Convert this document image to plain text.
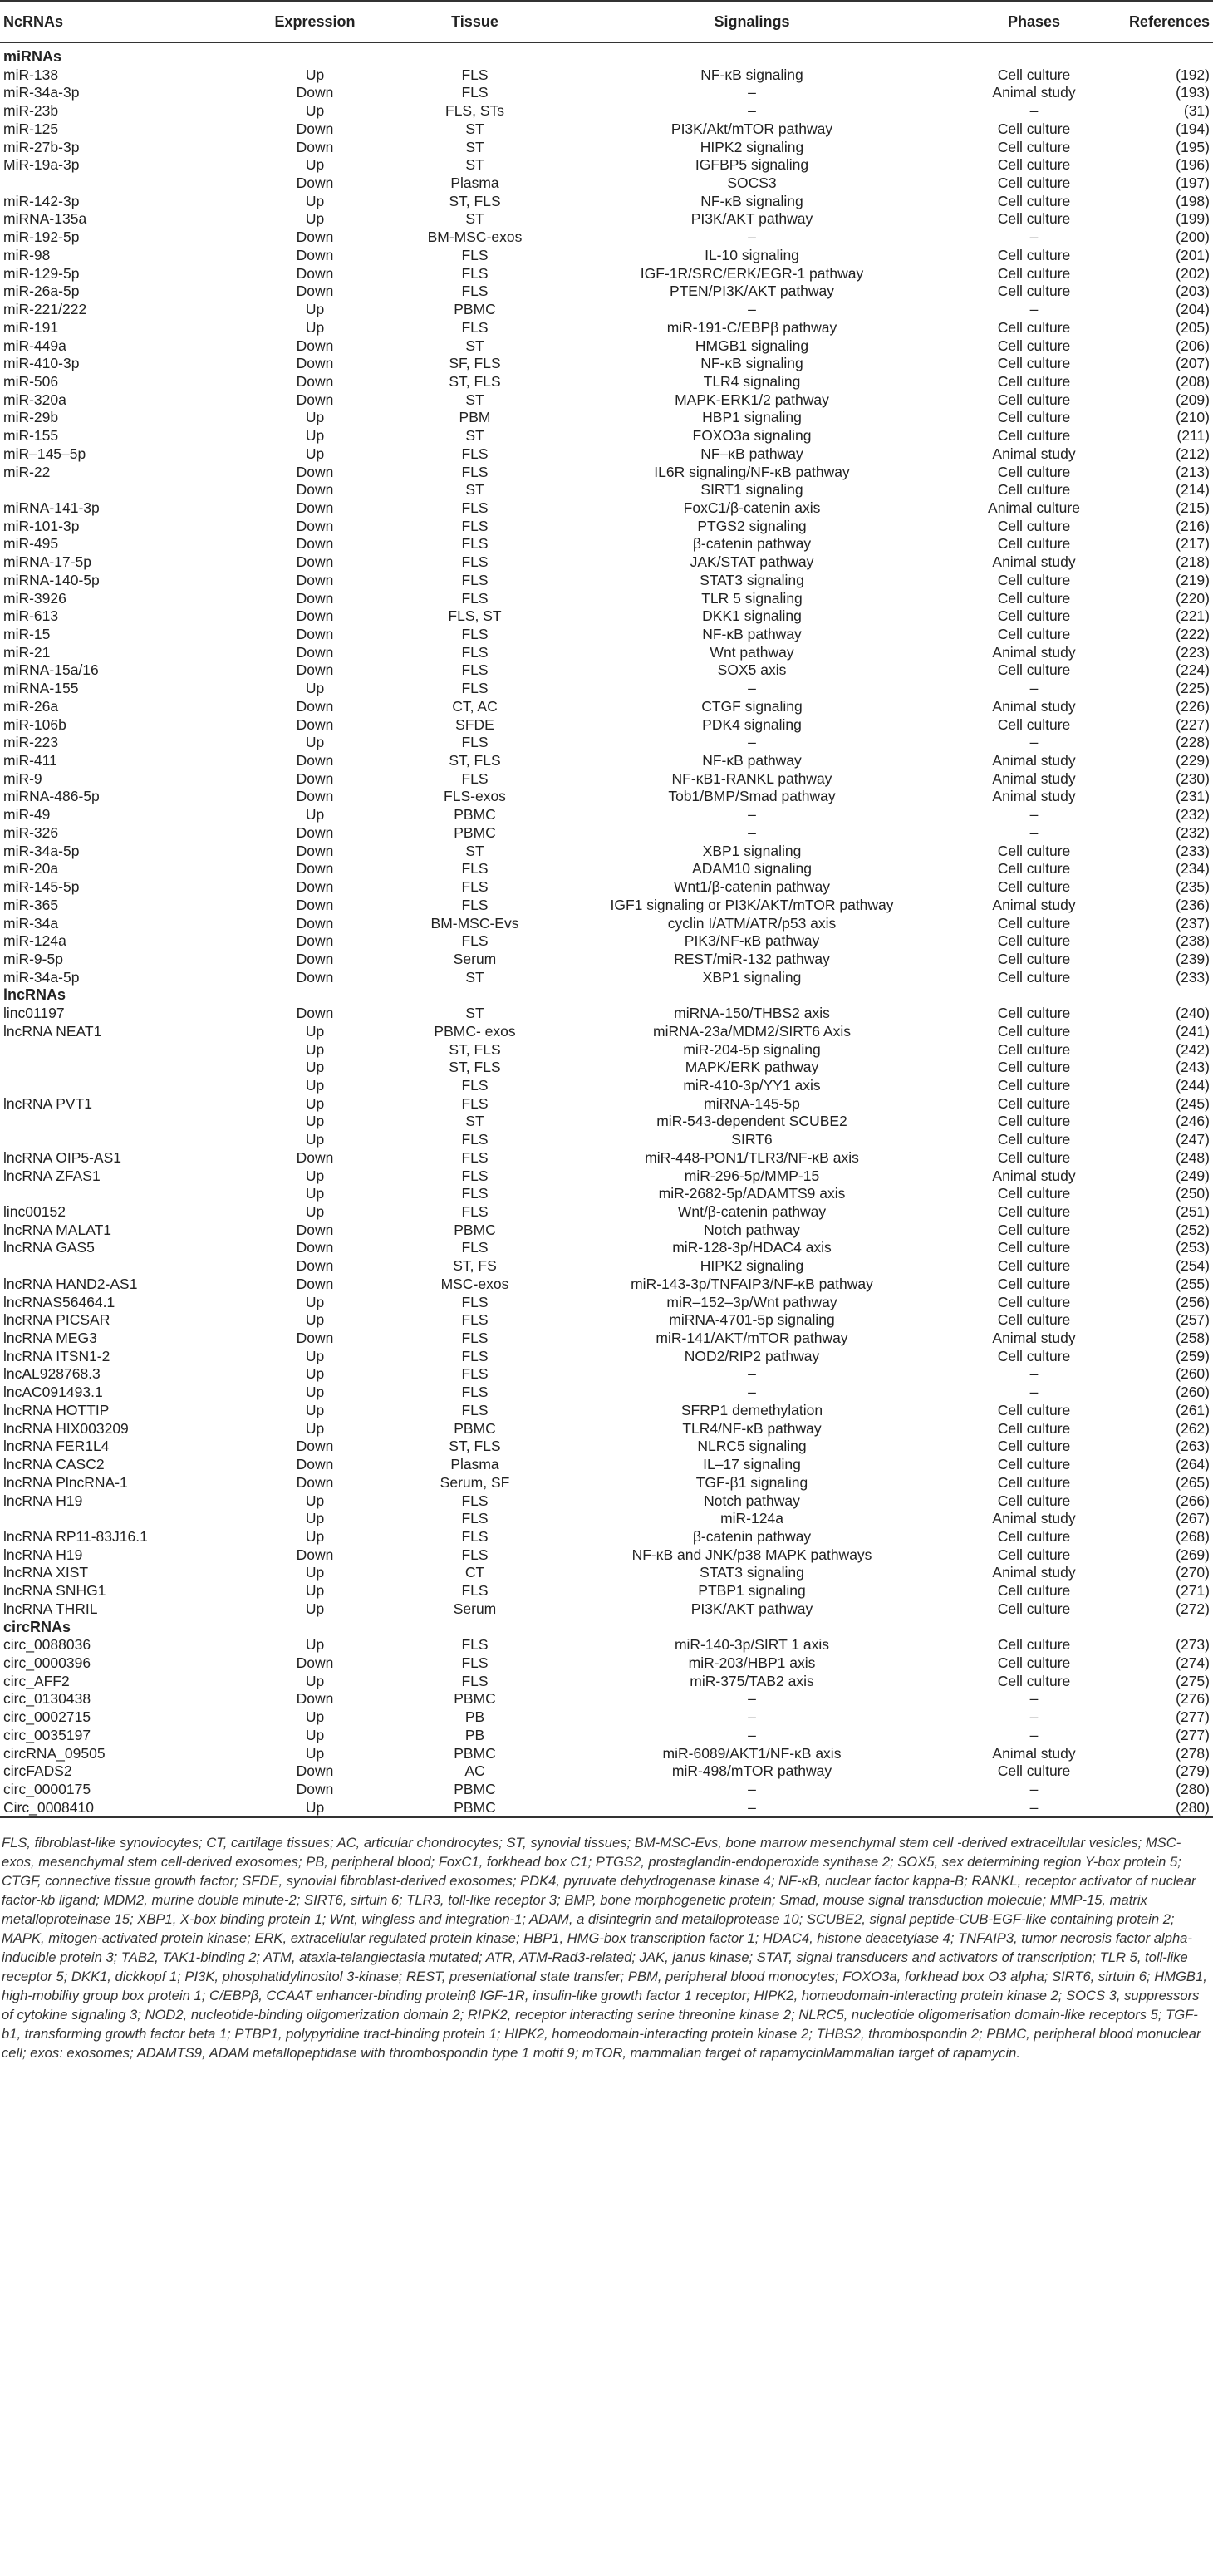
NcRNAs	Expression	Tissue	Signalings	Phases	References
miRNAs					
miR-138	Up	FLS	NF-κB signaling	Cell culture	(192)
miR-34a-3p	Down	FLS	–	Animal study	(193)
miR-23b	Up	FLS, STs	–	–	(31)
miR-125	Down	ST	PI3K/Akt/mTOR pathway	Cell culture	(194)
miR-27b-3p	Down	ST	HIPK2 signaling	Cell culture	(195)
MiR-19a-3p	Up	ST	IGFBP5 signaling	Cell culture	(196)
	Down	Plasma	SOCS3	Cell culture	(197)
miR-142-3p	Up	ST, FLS	NF-κB signaling	Cell culture	(198)
miRNA-135a	Up	ST	PI3K/AKT pathway	Cell culture	(199)
miR-192-5p	Down	BM-MSC-exos	–	–	(200)
miR-98	Down	FLS	IL-10 signaling	Cell culture	(201)
miR-129-5p	Down	FLS	IGF-1R/SRC/ERK/EGR-1 pathway	Cell culture	(202)
miR-26a-5p	Down	FLS	PTEN/PI3K/AKT pathway	Cell culture	(203)
miR-221/222	Up	PBMC	–	–	(204)
miR-191	Up	FLS	miR-191-C/EBPβ pathway	Cell culture	(205)
miR-449a	Down	ST	HMGB1 signaling	Cell culture	(206)
miR-410-3p	Down	SF, FLS	NF-κB signaling	Cell culture	(207)
miR-506	Down	ST, FLS	TLR4 signaling	Cell culture	(208)
miR-320a	Down	ST	MAPK-ERK1/2 pathway	Cell culture	(209)
miR-29b	Up	PBM	HBP1 signaling	Cell culture	(210)
miR-155	Up	ST	FOXO3a signaling	Cell culture	(211)
miR–145–5p	Up	FLS	NF–κB pathway	Animal study	(212)
miR-22	Down	FLS	IL6R signaling/NF-κB pathway	Cell culture	(213)
	Down	ST	SIRT1 signaling	Cell culture	(214)
miRNA-141-3p	Down	FLS	FoxC1/β-catenin axis	Animal culture	(215)
miR-101-3p	Down	FLS	PTGS2 signaling	Cell culture	(216)
miR-495	Down	FLS	β-catenin pathway	Cell culture	(217)
miRNA-17-5p	Down	FLS	JAK/STAT pathway	Animal study	(218)
miRNA-140-5p	Down	FLS	STAT3 signaling	Cell culture	(219)
miR-3926	Down	FLS	TLR 5 signaling	Cell culture	(220)
miR-613	Down	FLS, ST	DKK1 signaling	Cell culture	(221)
miR-15	Down	FLS	NF-κB pathway	Cell culture	(222)
miR-21	Down	FLS	Wnt pathway	Animal study	(223)
miRNA-15a/16	Down	FLS	SOX5 axis	Cell culture	(224)
miRNA-155	Up	FLS	–	–	(225)
miR-26a	Down	CT, AC	CTGF signaling	Animal study	(226)
miR-106b	Down	SFDE	PDK4 signaling	Cell culture	(227)
miR-223	Up	FLS	–	–	(228)
miR-411	Down	ST, FLS	NF-κB pathway	Animal study	(229)
miR-9	Down	FLS	NF-κB1-RANKL pathway	Animal study	(230)
miRNA-486-5p	Down	FLS-exos	Tob1/BMP/Smad pathway	Animal study	(231)
miR-49	Up	PBMC	–	–	(232)
miR-326	Down	PBMC	–	–	(232)
miR-34a-5p	Down	ST	XBP1 signaling	Cell culture	(233)
miR-20a	Down	FLS	ADAM10 signaling	Cell culture	(234)
miR-145-5p	Down	FLS	Wnt1/β-catenin pathway	Cell culture	(235)
miR-365	Down	FLS	IGF1 signaling or PI3K/AKT/mTOR pathway	Animal study	(236)
miR-34a	Down	BM-MSC-Evs	cyclin I/ATM/ATR/p53 axis	Cell culture	(237)
miR-124a	Down	FLS	PIK3/NF-κB pathway	Cell culture	(238)
miR-9-5p	Down	Serum	REST/miR-132 pathway	Cell culture	(239)
miR-34a-5p	Down	ST	XBP1 signaling	Cell culture	(233)
lncRNAs					
linc01197	Down	ST	miRNA-150/THBS2 axis	Cell culture	(240)
lncRNA NEAT1	Up	PBMC- exos	miRNA-23a/MDM2/SIRT6 Axis	Cell culture	(241)
	Up	ST, FLS	miR-204-5p signaling	Cell culture	(242)
	Up	ST, FLS	MAPK/ERK pathway	Cell culture	(243)
	Up	FLS	miR-410-3p/YY1 axis	Cell culture	(244)
lncRNA PVT1	Up	FLS	miRNA-145-5p	Cell culture	(245)
	Up	ST	miR-543-dependent SCUBE2	Cell culture	(246)
	Up	FLS	SIRT6	Cell culture	(247)
lncRNA OIP5-AS1	Down	FLS	miR-448-PON1/TLR3/NF-κB axis	Cell culture	(248)
lncRNA ZFAS1	Up	FLS	miR-296-5p/MMP-15	Animal study	(249)
	Up	FLS	miR-2682-5p/ADAMTS9 axis	Cell culture	(250)
linc00152	Up	FLS	Wnt/β-catenin pathway	Cell culture	(251)
lncRNA MALAT1	Down	PBMC	Notch pathway	Cell culture	(252)
lncRNA GAS5	Down	FLS	miR-128-3p/HDAC4 axis	Cell culture	(253)
	Down	ST, FS	HIPK2 signaling	Cell culture	(254)
lncRNA HAND2-AS1	Down	MSC-exos	miR-143-3p/TNFAIP3/NF-κB pathway	Cell culture	(255)
lncRNAS56464.1	Up	FLS	miR–152–3p/Wnt pathway	Cell culture	(256)
lncRNA PICSAR	Up	FLS	miRNA-4701-5p signaling	Cell culture	(257)
lncRNA MEG3	Down	FLS	miR-141/AKT/mTOR pathway	Animal study	(258)
lncRNA ITSN1-2	Up	FLS	NOD2/RIP2 pathway	Cell culture	(259)
lncAL928768.3	Up	FLS	–	–	(260)
lncAC091493.1	Up	FLS	–	–	(260)
lncRNA HOTTIP	Up	FLS	SFRP1 demethylation	Cell culture	(261)
lncRNA HIX003209	Up	PBMC	TLR4/NF-κB pathway	Cell culture	(262)
lncRNA FER1L4	Down	ST, FLS	NLRC5 signaling	Cell culture	(263)
lncRNA CASC2	Down	Plasma	IL–17 signaling	Cell culture	(264)
lncRNA PlncRNA-1	Down	Serum, SF	TGF-β1 signaling	Cell culture	(265)
lncRNA H19	Up	FLS	Notch pathway	Cell culture	(266)
	Up	FLS	miR-124a	Animal study	(267)
lncRNA RP11-83J16.1	Up	FLS	β-catenin pathway	Cell culture	(268)
lncRNA H19	Down	FLS	NF-κB and JNK/p38 MAPK pathways	Cell culture	(269)
lncRNA XIST	Up	CT	STAT3 signaling	Animal study	(270)
lncRNA SNHG1	Up	FLS	PTBP1 signaling	Cell culture	(271)
lncRNA THRIL	Up	Serum	PI3K/AKT pathway	Cell culture	(272)
circRNAs					
circ_0088036	Up	FLS	miR-140-3p/SIRT 1 axis	Cell culture	(273)
circ_0000396	Down	FLS	miR-203/HBP1 axis	Cell culture	(274)
circ_AFF2	Up	FLS	miR-375/TAB2 axis	Cell culture	(275)
circ_0130438	Down	PBMC	–	–	(276)
circ_0002715	Up	PB	–	–	(277)
circ_0035197	Up	PB	–	–	(277)
circRNA_09505	Up	PBMC	miR-6089/AKT1/NF-κB axis	Animal study	(278)
circFADS2	Down	AC	miR-498/mTOR pathway	Cell culture	(279)
circ_0000175	Down	PBMC	–	–	(280)
Circ_0008410	Up	PBMC	–	–	(280)
FLS, fibroblast-like synoviocytes; CT, cartilage tissues; AC, articular chondrocytes; ST, synovial tissues; BM-MSC-Evs, bone marrow mesenchymal stem cell -derived extracellular vesicles; MSC-exos, mesenchymal stem cell-derived exosomes; PB, peripheral blood; FoxC1, forkhead box C1; PTGS2, prostaglandin-endoperoxide synthase 2; SOX5, sex determining region Y-box protein 5; CTGF, connective tissue growth factor; SFDE, synovial fibroblast-derived exosomes; PDK4, pyruvate dehydrogenase kinase 4; NF-κB, nuclear factor kappa-B; RANKL, receptor activator of nuclear factor-kb ligand; MDM2, murine double minute-2; SIRT6, sirtuin 6; TLR3, toll-like receptor 3; BMP, bone morphogenetic protein; Smad, mouse signal transduction molecule; MMP-15, matrix metalloproteinase 15; XBP1, X-box binding protein 1; Wnt, wingless and integration-1; ADAM, a disintegrin and metalloprotease 10; SCUBE2, signal peptide-CUB-EGF-like containing protein 2; MAPK, mitogen-activated protein kinase; ERK, extracellular regulated protein kinase; HBP1, HMG-box transcription factor 1; HDAC4, histone deacetylase 4; TNFAIP3, tumor necrosis factor alpha-inducible protein 3; TAB2, TAK1-binding 2; ATM, ataxia-telangiectasia mutated; ATR, ATM-Rad3-related; JAK, janus kinase; STAT, signal transducers and activators of transcription; TLR 5, toll-like receptor 5; DKK1, dickkopf 1; PI3K, phosphatidylinositol 3-kinase; REST, presentational state transfer; PBM, peripheral blood monocytes; FOXO3a, forkhead box O3 alpha; SIRT6, sirtuin 6; HMGB1, high-mobility group box protein 1; C/EBPβ, CCAAT enhancer-binding proteinβ IGF-1R, insulin-like growth factor 1 receptor; HIPK2, homeodomain-interacting protein kinase 2; SOCS 3, suppressors of cytokine signaling 3; NOD2, nucleotide-binding oligomerization domain 2; RIPK2, receptor interacting serine threonine kinase 2; NLRC5, nucleotide oligomerisation domain-like receptors 5; TGF-b1, transforming growth factor beta 1; PTBP1, polypyridine tract-binding protein 1; HIPK2, homeodomain-interacting protein kinase 2; THBS2, thrombospondin 2; PBMC, peripheral blood monuclear cell; exos: exosomes; ADAMTS9, ADAM metallopeptidase with thrombospondin type 1 motif 9; mTOR, mammalian target of rapamycinMammalian target of rapamycin.
